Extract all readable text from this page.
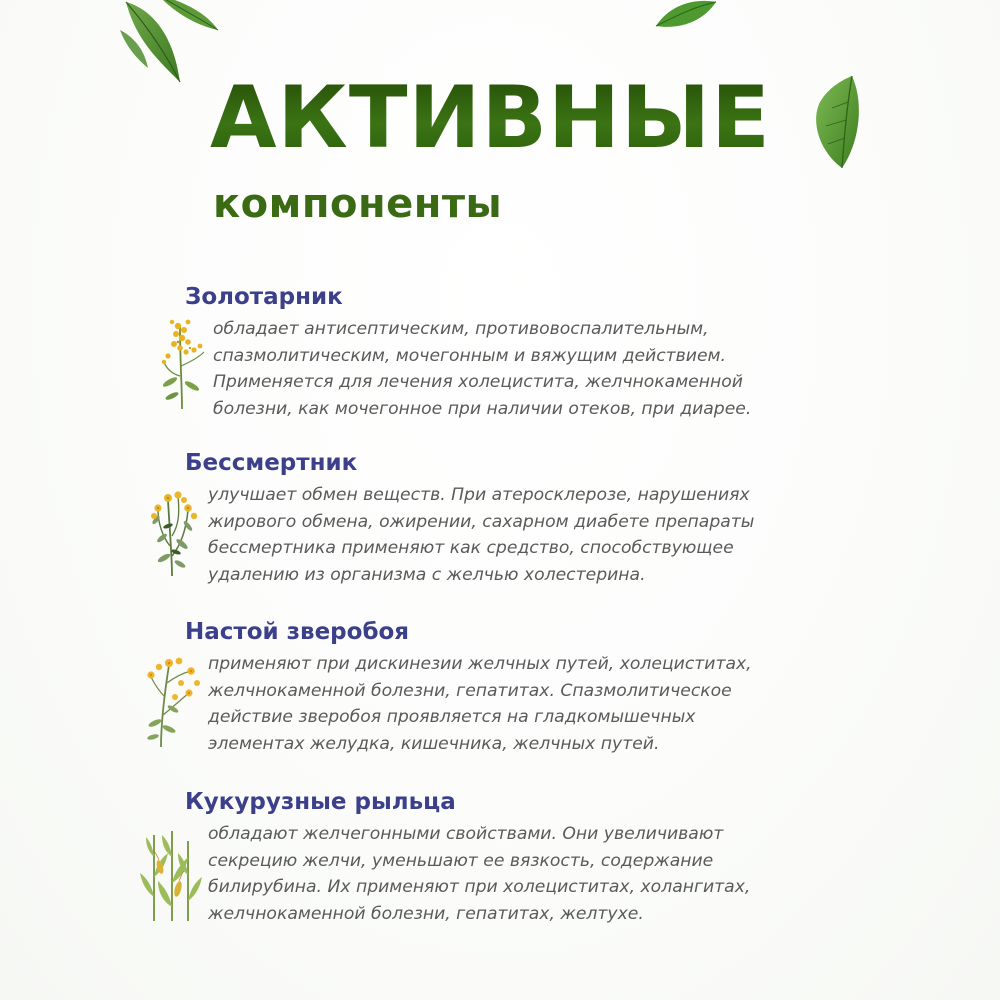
АКТИВНЫЕ
компоненты
Золотарник

обладает антисептическим, противовоспалительным,
спазмолитическим, мочегонным и вяжущим действием.
Применяется для лечения холецистита, желчнокаменной
болезни, как мочегонное при наличии отеков, при диарее.

Бессмертник

улучшает обмен веществ. При атеросклерозе, нарушениях
жирового обмена, ожирении, сахарном диабете препараты
бессмертника применяют как средство, способствующее
удалению из организма с желчью холестерина.

Настой зверобоя

применяют при дискинезии желчных путей, холециститах,
желчнокаменной болезни, гепатитах. Спазмолитическое
действие зверобоя проявляется на гладкомышечных
элементах желудка, кишечника, желчных путей.

Кукурузные рыльца

обладают желчегонными свойствами. Они увеличивают
секрецию желчи, уменьшают ее вязкость, содержание
билирубина. Их применяют при холециститах, холангитах,
желчнокаменной болезни, гепатитах, желтухе.
